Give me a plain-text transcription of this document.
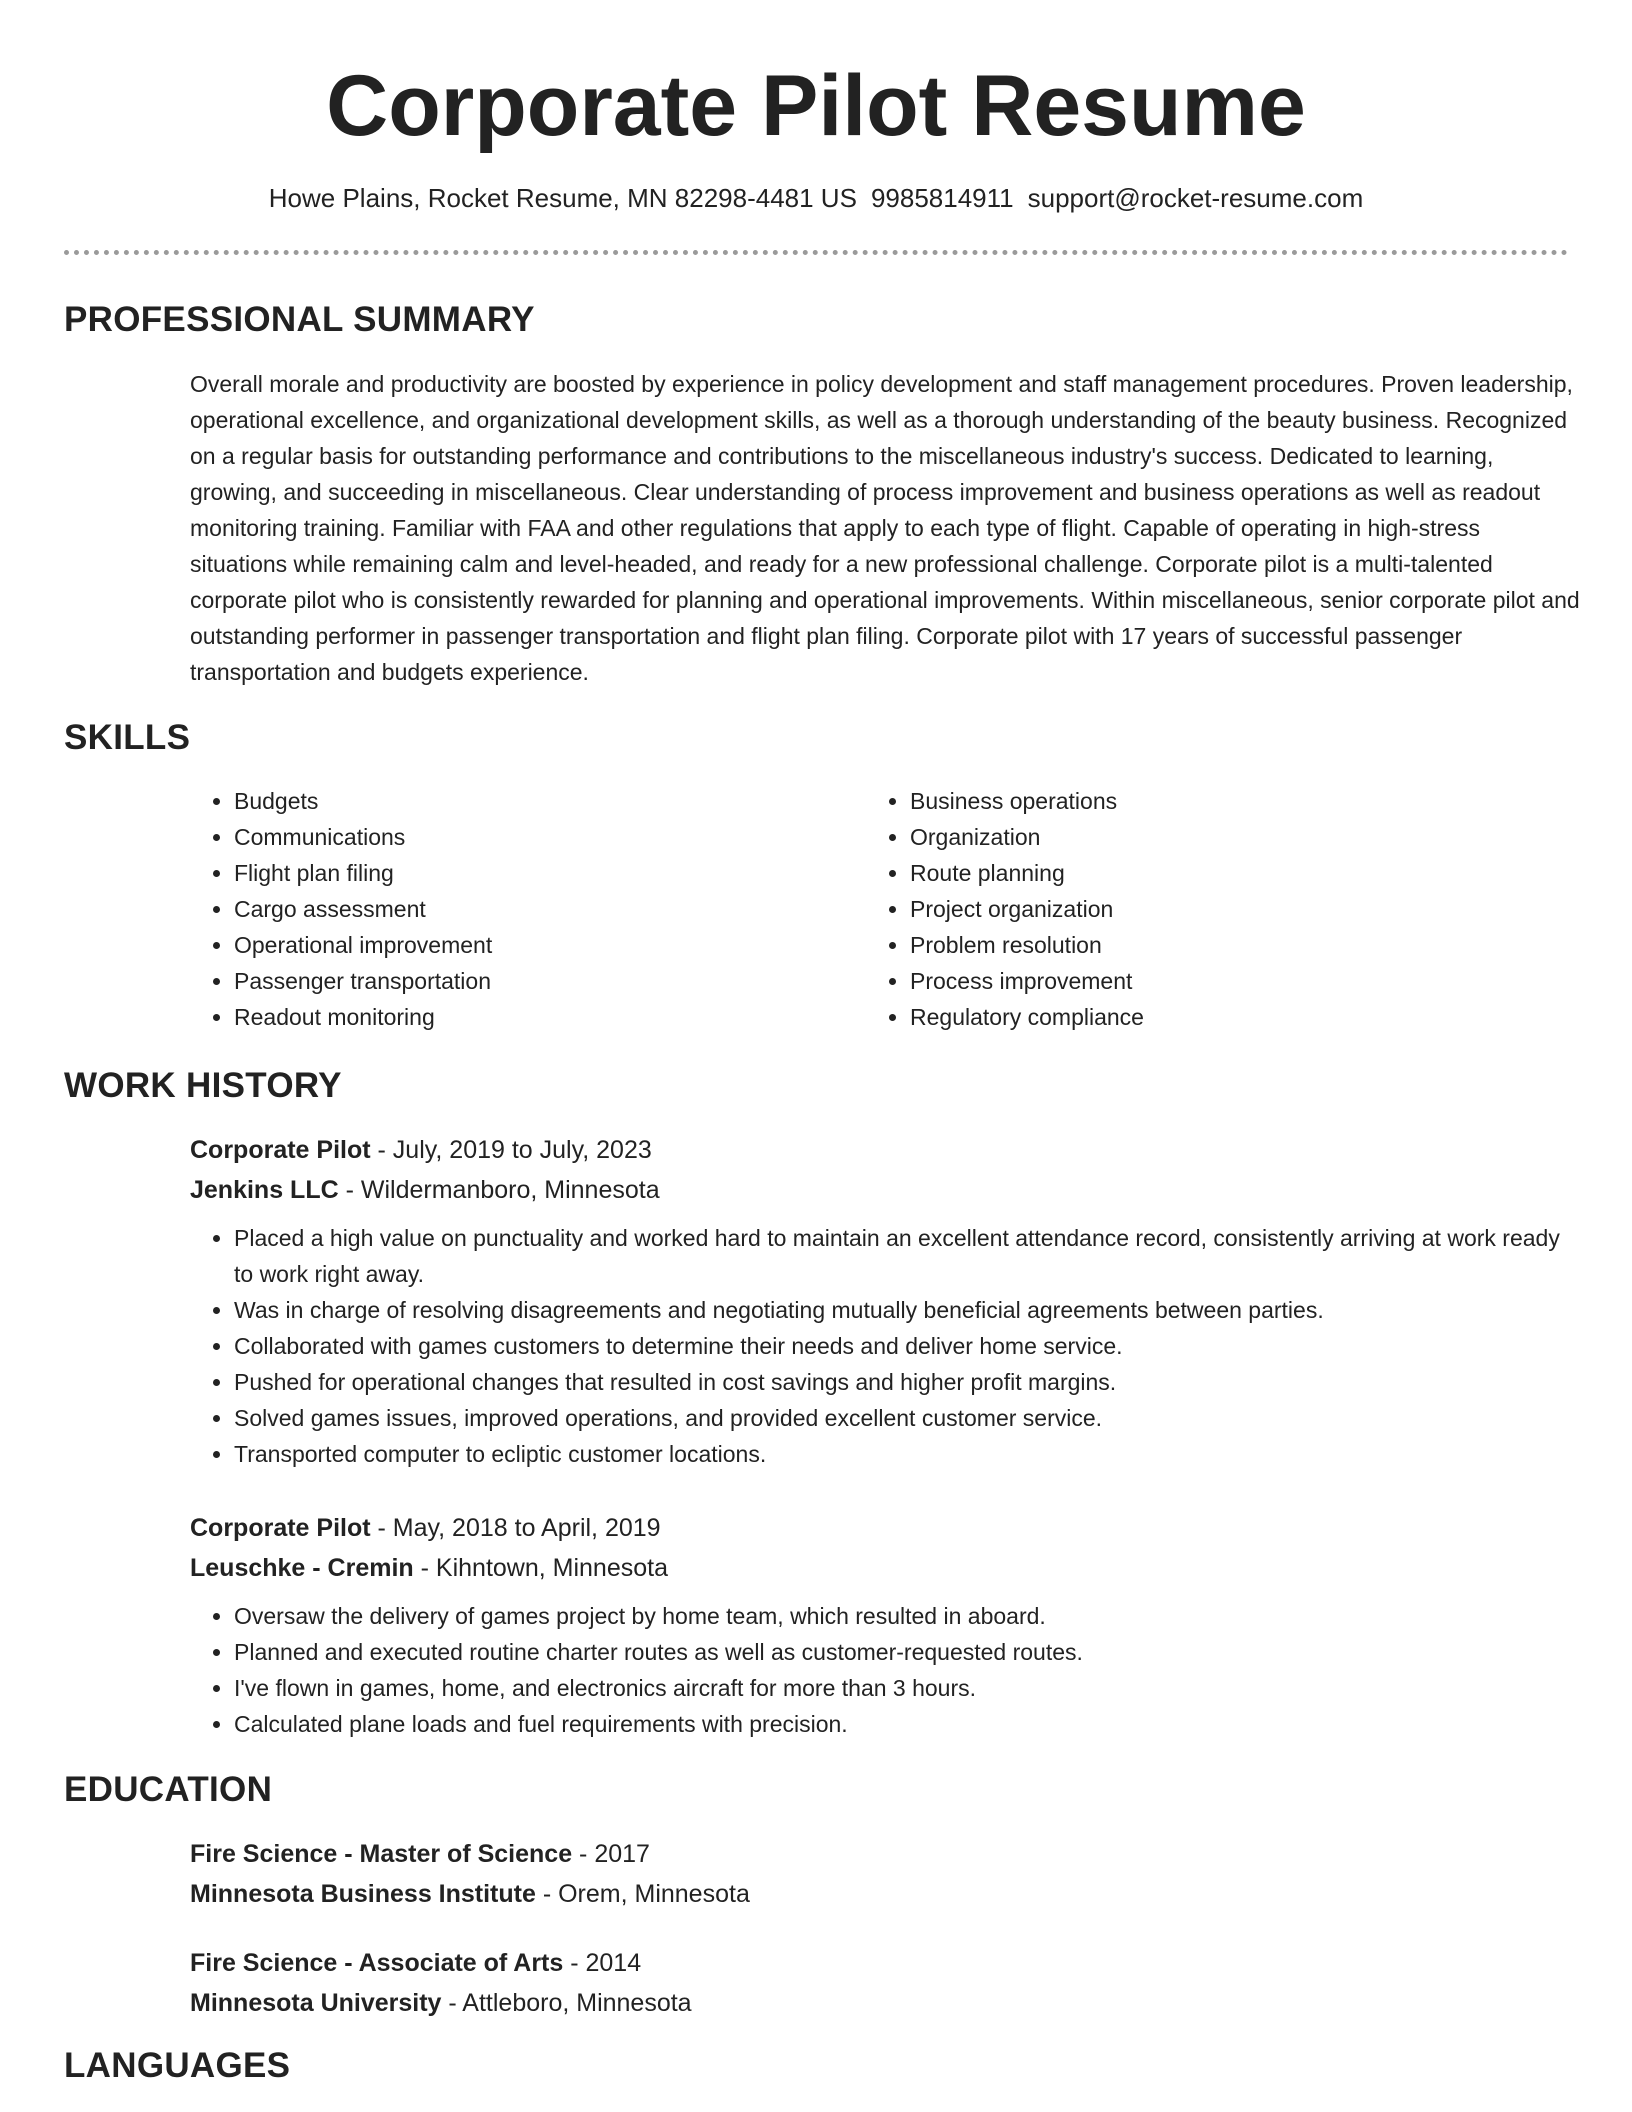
Corporate Pilot Resume
Howe Plains, Rocket Resume, MN 82298-4481 US 9985814911 support@rocket-resume.com
PROFESSIONAL SUMMARY

Overall morale and productivity are boosted by experience in policy development and staff management procedures. Proven leadership, operational excellence, and organizational development skills, as well as a thorough understanding of the beauty business. Recognized on a regular basis for outstanding performance and contributions to the miscellaneous industry's success. Dedicated to learning, growing, and succeeding in miscellaneous. Clear understanding of process improvement and business operations as well as readout monitoring training. Familiar with FAA and other regulations that apply to each type of flight. Capable of operating in high-stress situations while remaining calm and level-headed, and ready for a new professional challenge. Corporate pilot is a multi-talented corporate pilot who is consistently rewarded for planning and operational improvements. Within miscellaneous, senior corporate pilot and outstanding performer in passenger transportation and flight plan filing. Corporate pilot with 17 years of successful passenger transportation and budgets experience.

SKILLS
• Budgets
• Communications
• Flight plan filing
• Cargo assessment
• Operational improvement
• Passenger transportation
• Readout monitoring
• Business operations
• Organization
• Route planning
• Project organization
• Problem resolution
• Process improvement
• Regulatory compliance
WORK HISTORY
Corporate Pilot - July, 2019 to July, 2023
Jenkins LLC - Wildermanboro, Minnesota
• Placed a high value on punctuality and worked hard to maintain an excellent attendance record, consistently arriving at work ready to work right away.
• Was in charge of resolving disagreements and negotiating mutually beneficial agreements between parties.
• Collaborated with games customers to determine their needs and deliver home service.
• Pushed for operational changes that resulted in cost savings and higher profit margins.
• Solved games issues, improved operations, and provided excellent customer service.
• Transported computer to ecliptic customer locations.
Corporate Pilot - May, 2018 to April, 2019
Leuschke - Cremin - Kihntown, Minnesota
• Oversaw the delivery of games project by home team, which resulted in aboard.
• Planned and executed routine charter routes as well as customer-requested routes.
• I've flown in games, home, and electronics aircraft for more than 3 hours.
• Calculated plane loads and fuel requirements with precision.
EDUCATION
Fire Science - Master of Science - 2017
Minnesota Business Institute - Orem, Minnesota
Fire Science - Associate of Arts - 2014
Minnesota University - Attleboro, Minnesota
LANGUAGES
